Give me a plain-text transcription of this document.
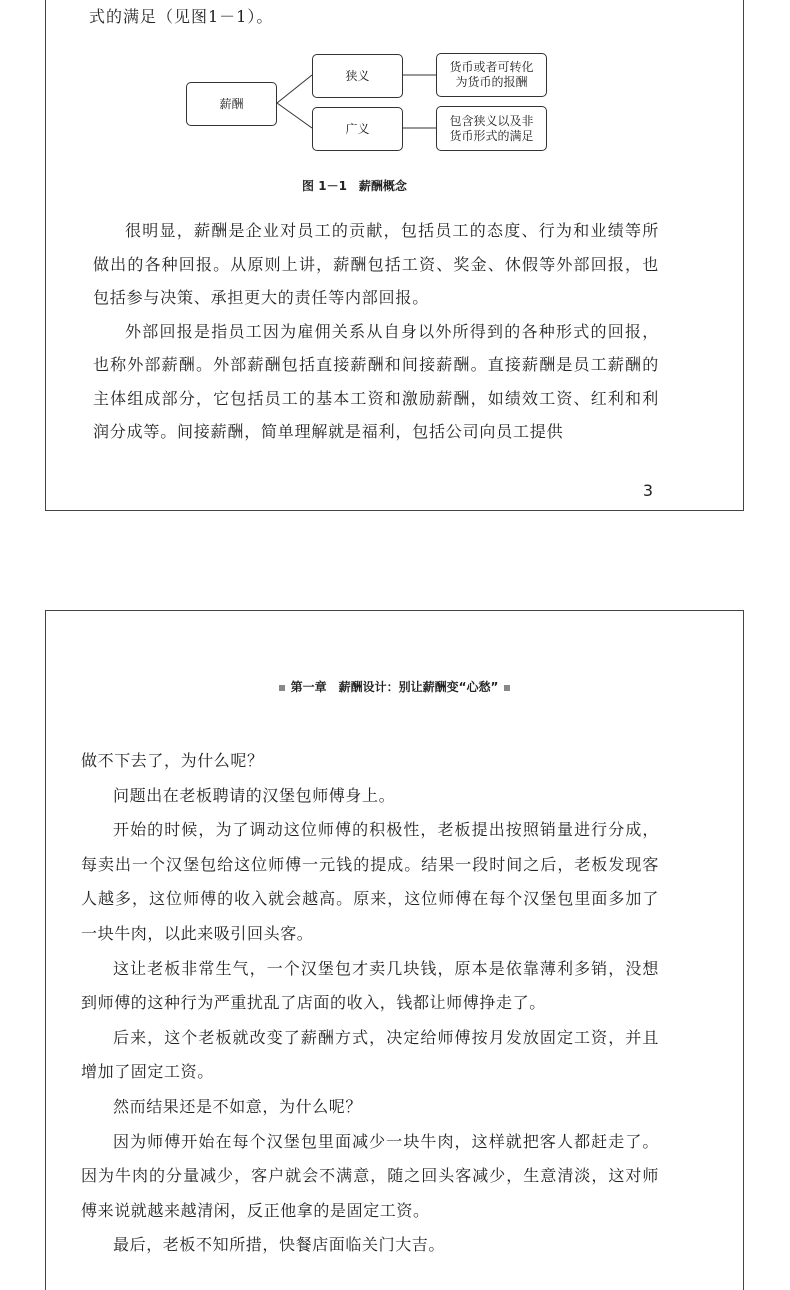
式的满足（见图1－1）。
薪酬
狭义
广义
货币或者可转化为货币的报酬
包含狭义以及非货币形式的满足
图 1－1　薪酬概念

很明显，薪酬是企业对员工的贡献，包括员工的态度、行为和业绩等所做出的各种回报。从原则上讲，薪酬包括工资、奖金、休假等外部回报，也包括参与决策、承担更大的责任等内部回报。

外部回报是指员工因为雇佣关系从自身以外所得到的各种形式的回报，也称外部薪酬。外部薪酬包括直接薪酬和间接薪酬。直接薪酬是员工薪酬的主体组成部分，它包括员工的基本工资和激励薪酬，如绩效工资、红利和利润分成等。间接薪酬，简单理解就是福利，包括公司向员工提供

3
第一章　薪酬设计：别让薪酬变“心愁”

做不下去了，为什么呢？

问题出在老板聘请的汉堡包师傅身上。

开始的时候，为了调动这位师傅的积极性，老板提出按照销量进行分成，每卖出一个汉堡包给这位师傅一元钱的提成。结果一段时间之后，老板发现客人越多，这位师傅的收入就会越高。原来，这位师傅在每个汉堡包里面多加了一块牛肉，以此来吸引回头客。

这让老板非常生气，一个汉堡包才卖几块钱，原本是依靠薄利多销，没想到师傅的这种行为严重扰乱了店面的收入，钱都让师傅挣走了。

后来，这个老板就改变了薪酬方式，决定给师傅按月发放固定工资，并且增加了固定工资。

然而结果还是不如意，为什么呢？

因为师傅开始在每个汉堡包里面减少一块牛肉，这样就把客人都赶走了。因为牛肉的分量减少，客户就会不满意，随之回头客减少，生意清淡，这对师傅来说就越来越清闲，反正他拿的是固定工资。

最后，老板不知所措，快餐店面临关门大吉。
